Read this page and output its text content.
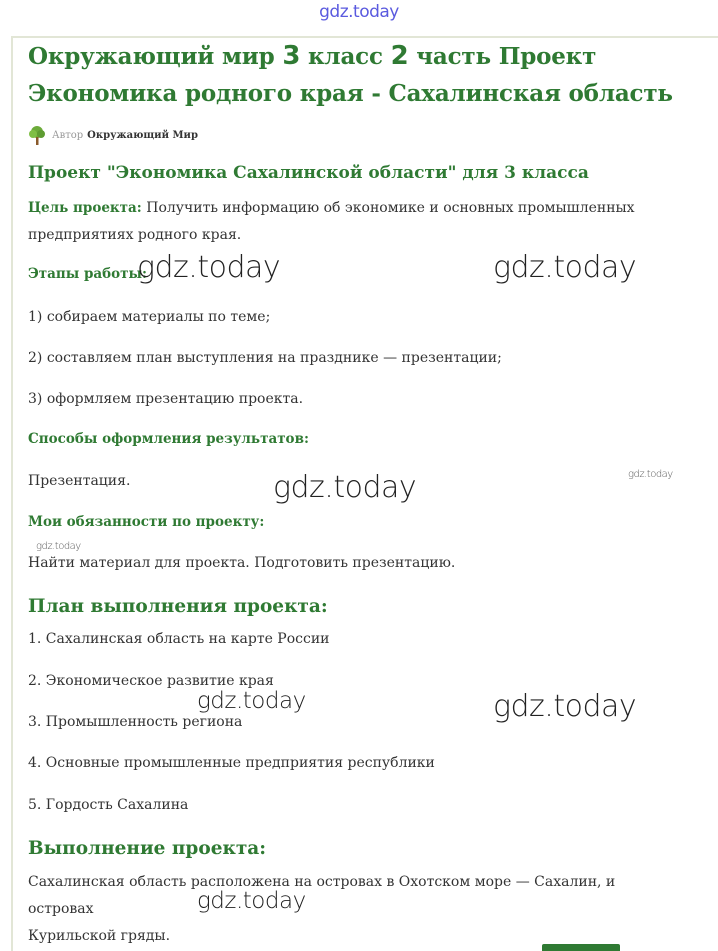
gdz.today
Окружающий мир 3 класс 2 часть Проект
Экономика родного края - Сахалинская область
Автор Окружающий Мир
Проект "Экономика Сахалинской области" для 3 класса

Цель проекта: Получить информацию об экономике и основных промышленных
предприятиях родного края.

Этапы работы:

1) собираем материалы по теме;

2) составляем план выступления на празднике — презентации;

3) оформляем презентацию проекта.

Способы оформления результатов:

Презентация.

Мои обязанности по проекту:

Найти материал для проекта. Подготовить презентацию.

План выполнения проекта:

1. Сахалинская область на карте России

2. Экономическое развитие края

3. Промышленность региона

4. Основные промышленные предприятия республики

5. Гордость Сахалина

Выполнение проекта:

Сахалинская область расположена на островах в Охотском море — Сахалин, и островах
Курильской гряды.

gdz.today	gdz.today
gdz.today
gdz.today
gdz.today
gdz.today	gdz.today
gdz.today
